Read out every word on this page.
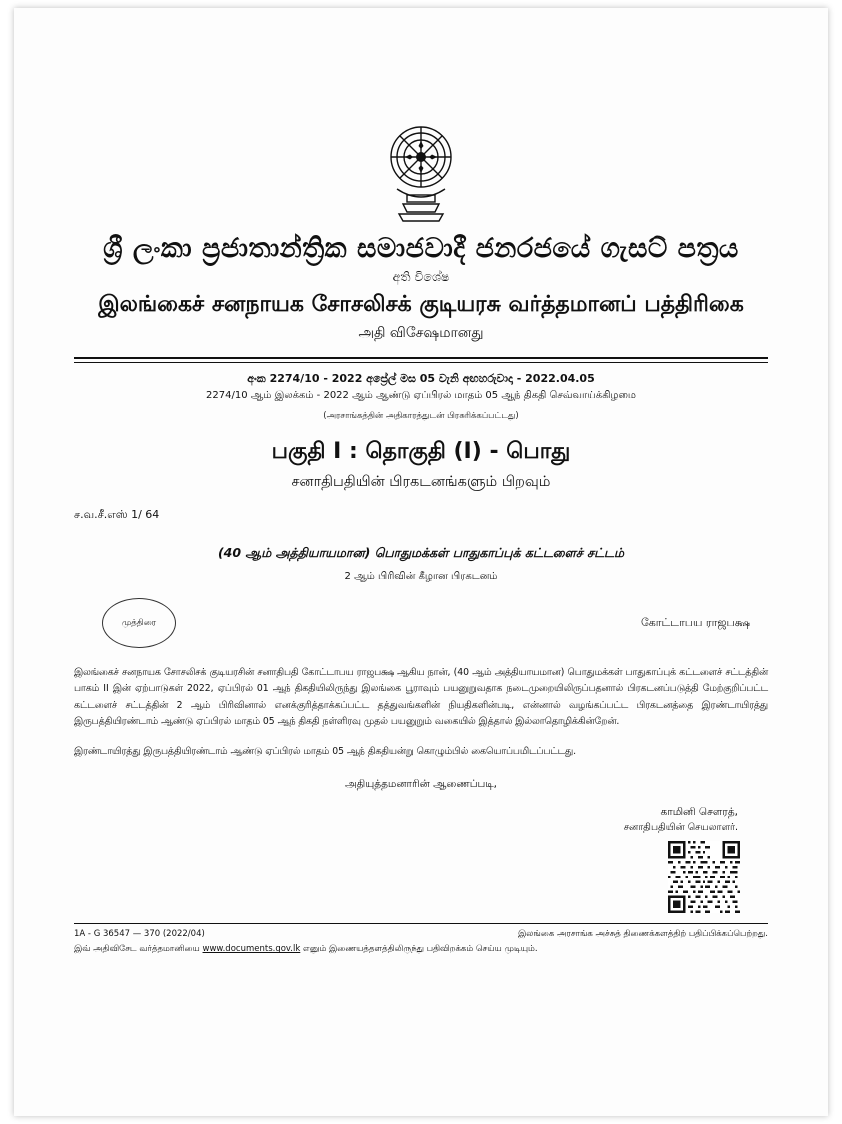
ශ්‍රී ලංකා ප්‍රජාතාන්ත්‍රික සමාජවාදී ජනරජයේ ගැසට් පත්‍රය
අති විශේෂ
இலங்கைச் சனநாயக சோசலிசக் குடியரசு வர்த்தமானப் பத்திரிகை
அதி விசேஷமானது
අංක 2274/10 - 2022 අප්‍රේල් මස 05 වැනි අඟහරුවාදා - 2022.04.05
2274/10 ஆம் இலக்கம் - 2022 ஆம் ஆண்டு ஏப்பிரல் மாதம் 05 ஆந் திகதி செவ்வாய்க்கிழமை
(அரசாங்கத்தின் அதிகாரத்துடன் பிரசுரிக்கப்பட்டது)
பகுதி I : தொகுதி (I) - பொது
சனாதிபதியின் பிரகடனங்களும் பிறவும்
ச.வ.சீ.எஸ் 1/ 64
(40 ஆம் அத்தியாயமான) பொதுமக்கள் பாதுகாப்புக் கட்டளைச் சட்டம்
2 ஆம் பிரிவின் கீழான பிரகடனம்
முத்திரை	கோட்டாபய ராஜபக்ஷ
இலங்கைச் சனநாயக சோசலிசக் குடியரசின் சனாதிபதி கோட்டாபய ராஜபக்ஷ ஆகிய நான், (40 ஆம் அத்தியாயமான) பொதுமக்கள் பாதுகாப்புக் கட்டளைச் சட்டத்தின் பாகம் II இன் ஏற்பாடுகள் 2022, ஏப்பிரல் 01 ஆந் திகதியிலிருந்து இலங்கை பூராவும் பயனுறுவதாக நடைமுறையிலிருப்பதனால் பிரகடனப்படுத்தி மேற்குறிப்பட்ட கட்டளைச் சட்டத்தின் 2 ஆம் பிரிவினால் எனக்குரித்தாக்கப்பட்ட தத்துவங்களின் நியதிகளின்படி, என்னால் வழங்கப்பட்ட பிரகடனத்தை இரண்டாயிரத்து இருபத்தியிரண்டாம் ஆண்டு ஏப்பிரல் மாதம் 05 ஆந் திகதி நள்ளிரவு முதல் பயனுறும் வகையில் இத்தால் இல்லாதொழிக்கின்றேன்.
இரண்டாயிரத்து இருபத்தியிரண்டாம் ஆண்டு ஏப்பிரல் மாதம் 05 ஆந் திகதியன்று கொழும்பில் கையொப்பமிடப்பட்டது.
அதியுத்தமனாரின் ஆணைப்படி,
காமினி சௌரத்,
சனாதிபதியின் செயலாளர்.
1A - G 36547 — 370 (2022/04)	இலங்கை அரசாங்க அச்சுத் திணைக்களத்திற் பதிப்பிக்கப்பெற்றது.
இவ் அதிவிசேட வர்த்தமானியை www.documents.gov.lk எனும் இணையத்தளத்திலிருந்து பதிவிறக்கம் செய்ய முடியும்.
